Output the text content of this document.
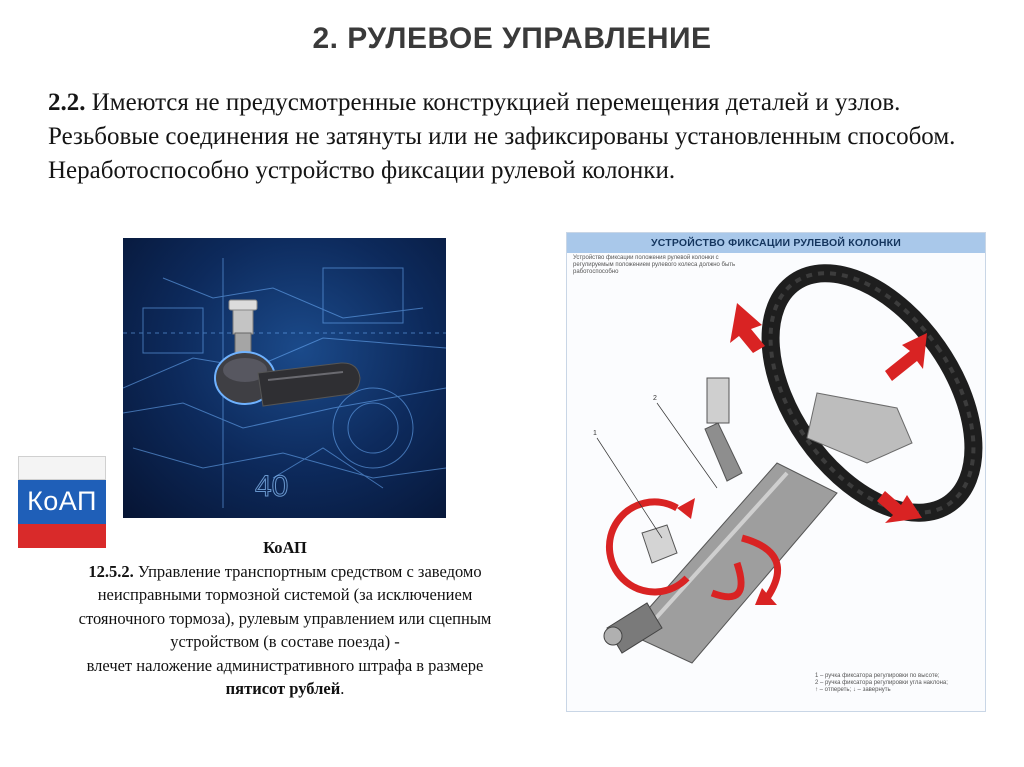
2. РУЛЕВОЕ УПРАВЛЕНИЕ
2.2. Имеются не предусмотренные конструкцией перемещения деталей и узлов. Резьбовые соединения не затянуты или не зафиксированы установленным способом. Неработоспособно устройство фиксации рулевой колонки.
40
КоАП
КоАП
12.5.2. Управление транспортным средством с заведомо неисправными тормозной системой (за исключением стояночного тормоза), рулевым управлением или сцепным устройством (в составе поезда) -
влечет наложение административного штрафа в размере пятисот рублей.
УСТРОЙСТВО ФИКСАЦИИ РУЛЕВОЙ КОЛОНКИ
Устройство фиксации положения рулевой колонки с регулируемым положением рулевого колеса должно быть работоспособно
2
1
1 – ручка фиксатора регулировки по высоте;
2 – ручка фиксатора регулировки угла наклона;
↑ – отпереть; ↓ – завернуть
